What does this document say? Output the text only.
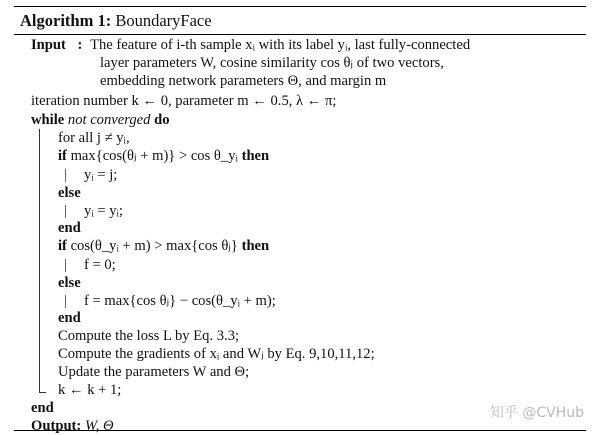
Algorithm 1: BoundaryFace
Input : The feature of i-th sample xᵢ with its label yᵢ, last fully-connected
layer parameters W, cosine similarity cos θⱼ of two vectors,
embedding network parameters Θ, and margin m
iteration number k ← 0, parameter m ← 0.5, λ ← π;
while not converged do
for all j ≠ yᵢ,
if max{cos(θⱼ + m)} > cos θ_yᵢ then
| yᵢ = j;
else
| yᵢ = yᵢ;
end
if cos(θ_yᵢ + m) > max{cos θⱼ} then
| f = 0;
else
| f = max{cos θⱼ} − cos(θ_yᵢ + m);
end
Compute the loss L by Eq. 3.3;
Compute the gradients of xᵢ and Wⱼ by Eq. 9,10,11,12;
Update the parameters W and Θ;
k ← k + 1;
end
Output: W, Θ
知乎 @CVHub
